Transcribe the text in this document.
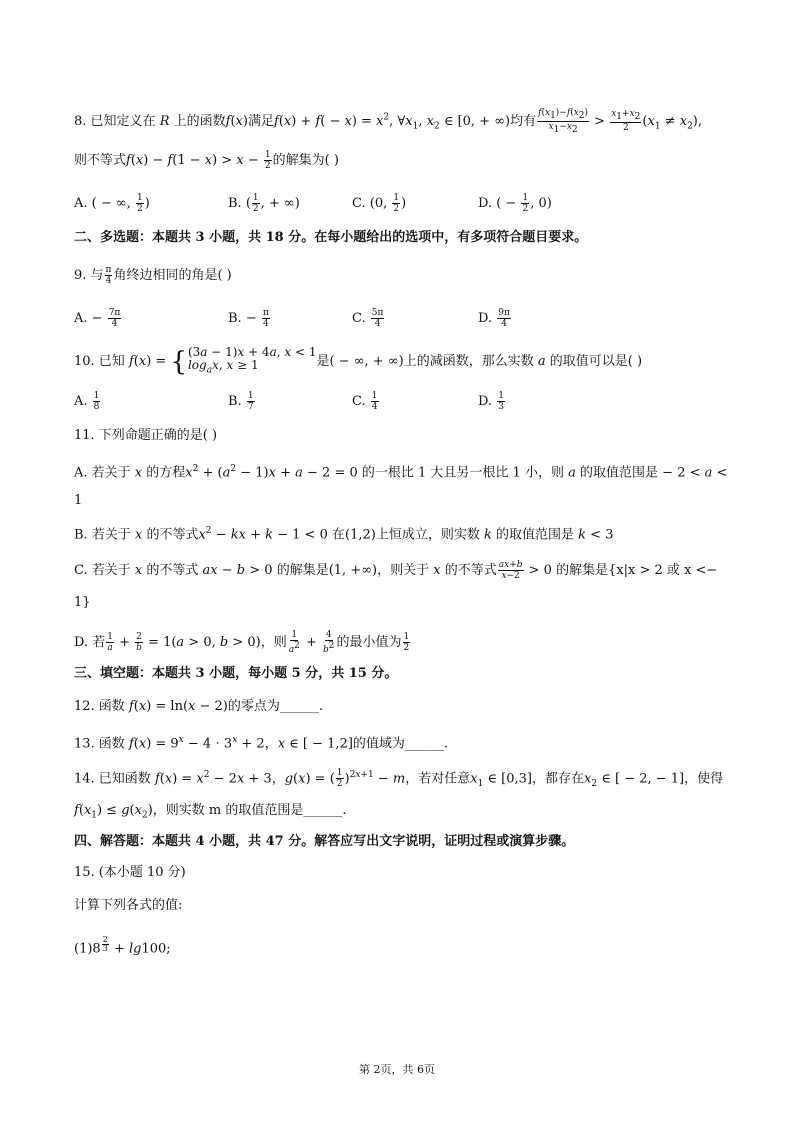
8. 已知定义在 R 上的函数f(x)满足$f(x) + f( - x) = x^2$, $\forall x_1$, $x_2$ ∈ [0, + ∞)均有 $\frac{f(x_1)-f(x_2)}{x_1-x_2} > \frac{x_1+x_2}{2} (x_1 \ne x_2)$,
则不等式$f(x) - f(1 - x) > x - \frac{1}{2}$ 的解集为( )
A. ( − ∞, $\frac{1}{2}$ )	B. ( $\frac{1}{2}$ , + ∞)	C. (0, $\frac{1}{2}$ )	D. ( − $\frac{1}{2}$ , 0)
二、多选题：本题共 3 小题，共 18 分。在每小题给出的选项中，有多项符合题目要求。
9. 与 $\frac{\pi}{4}$ 角终边相同的角是( )
A. − $\frac{7\pi}{4}$	B. − $\frac{\pi}{4}$	C. $\frac{5\pi}{4}$	D. $\frac{9\pi}{4}$
10. 已知 f(x) = { (3a − 1)x + 4a, x < 1
$\log_ax$, x ≥ 1	是( − ∞, + ∞)上的减函数，那么实数 a 的取值可以是( )
A. $\frac{1}{8}$	B. $\frac{1}{7}$	C. $\frac{1}{4}$	D. $\frac{1}{3}$
11. 下列命题正确的是( )
A. 若关于 x 的方程$x^2 + (a^2 - 1)x + a - 2 = 0$ 的一根比 1 大且另一根比 1 小，则 a 的取值范围是 − 2 < a <
1
B. 若关于 x 的不等式$x^2$ − kx + k − 1 < 0 在(1,2)上恒成立，则实数 k 的取值范围是 k < 3
C. 若关于 x 的不等式 ax − b > 0 的解集是(1, +∞)，则关于 x 的不等式 $\frac{ax+b}{x-2} > 0$ 的解集是{x|x > 2 或 x <−
1}
D. 若 $\frac{1}{a} + \frac{2}{b} = 1(a > 0$, b > 0)，则 $\frac{1}{a^2} + \frac{4}{b^2}$ 的最小值为 $\frac{1}{2}$
三、填空题：本题共 3 小题，每小题 5 分，共 15 分。
12. 函数 f(x) = ln(x − 2)的零点为______.
13. 函数 $f(x) = 9^x - 4 \cdot 3^x + 2$，x ∈ [ − 1,2]的值域为______.
14. 已知函数 $f(x) = x^2 - 2x + 3$，g(x) = ( $\frac{1}{2} )^{2x+1} - m$，若对任意$x_1$ ∈ [0,3]，都存在$x_2$ ∈ [ − 2, − 1]，使得
$f(x_1) \le g(x_2)$，则实数 m 的取值范围是______.
四、解答题：本题共 4 小题，共 47 分。解答应写出文字说明，证明过程或演算步骤。
15. (本小题 10 分)
计算下列各式的值:
(1)8 $^{\frac{2}{3}}$ + lg100;
第 2页，共 6页
